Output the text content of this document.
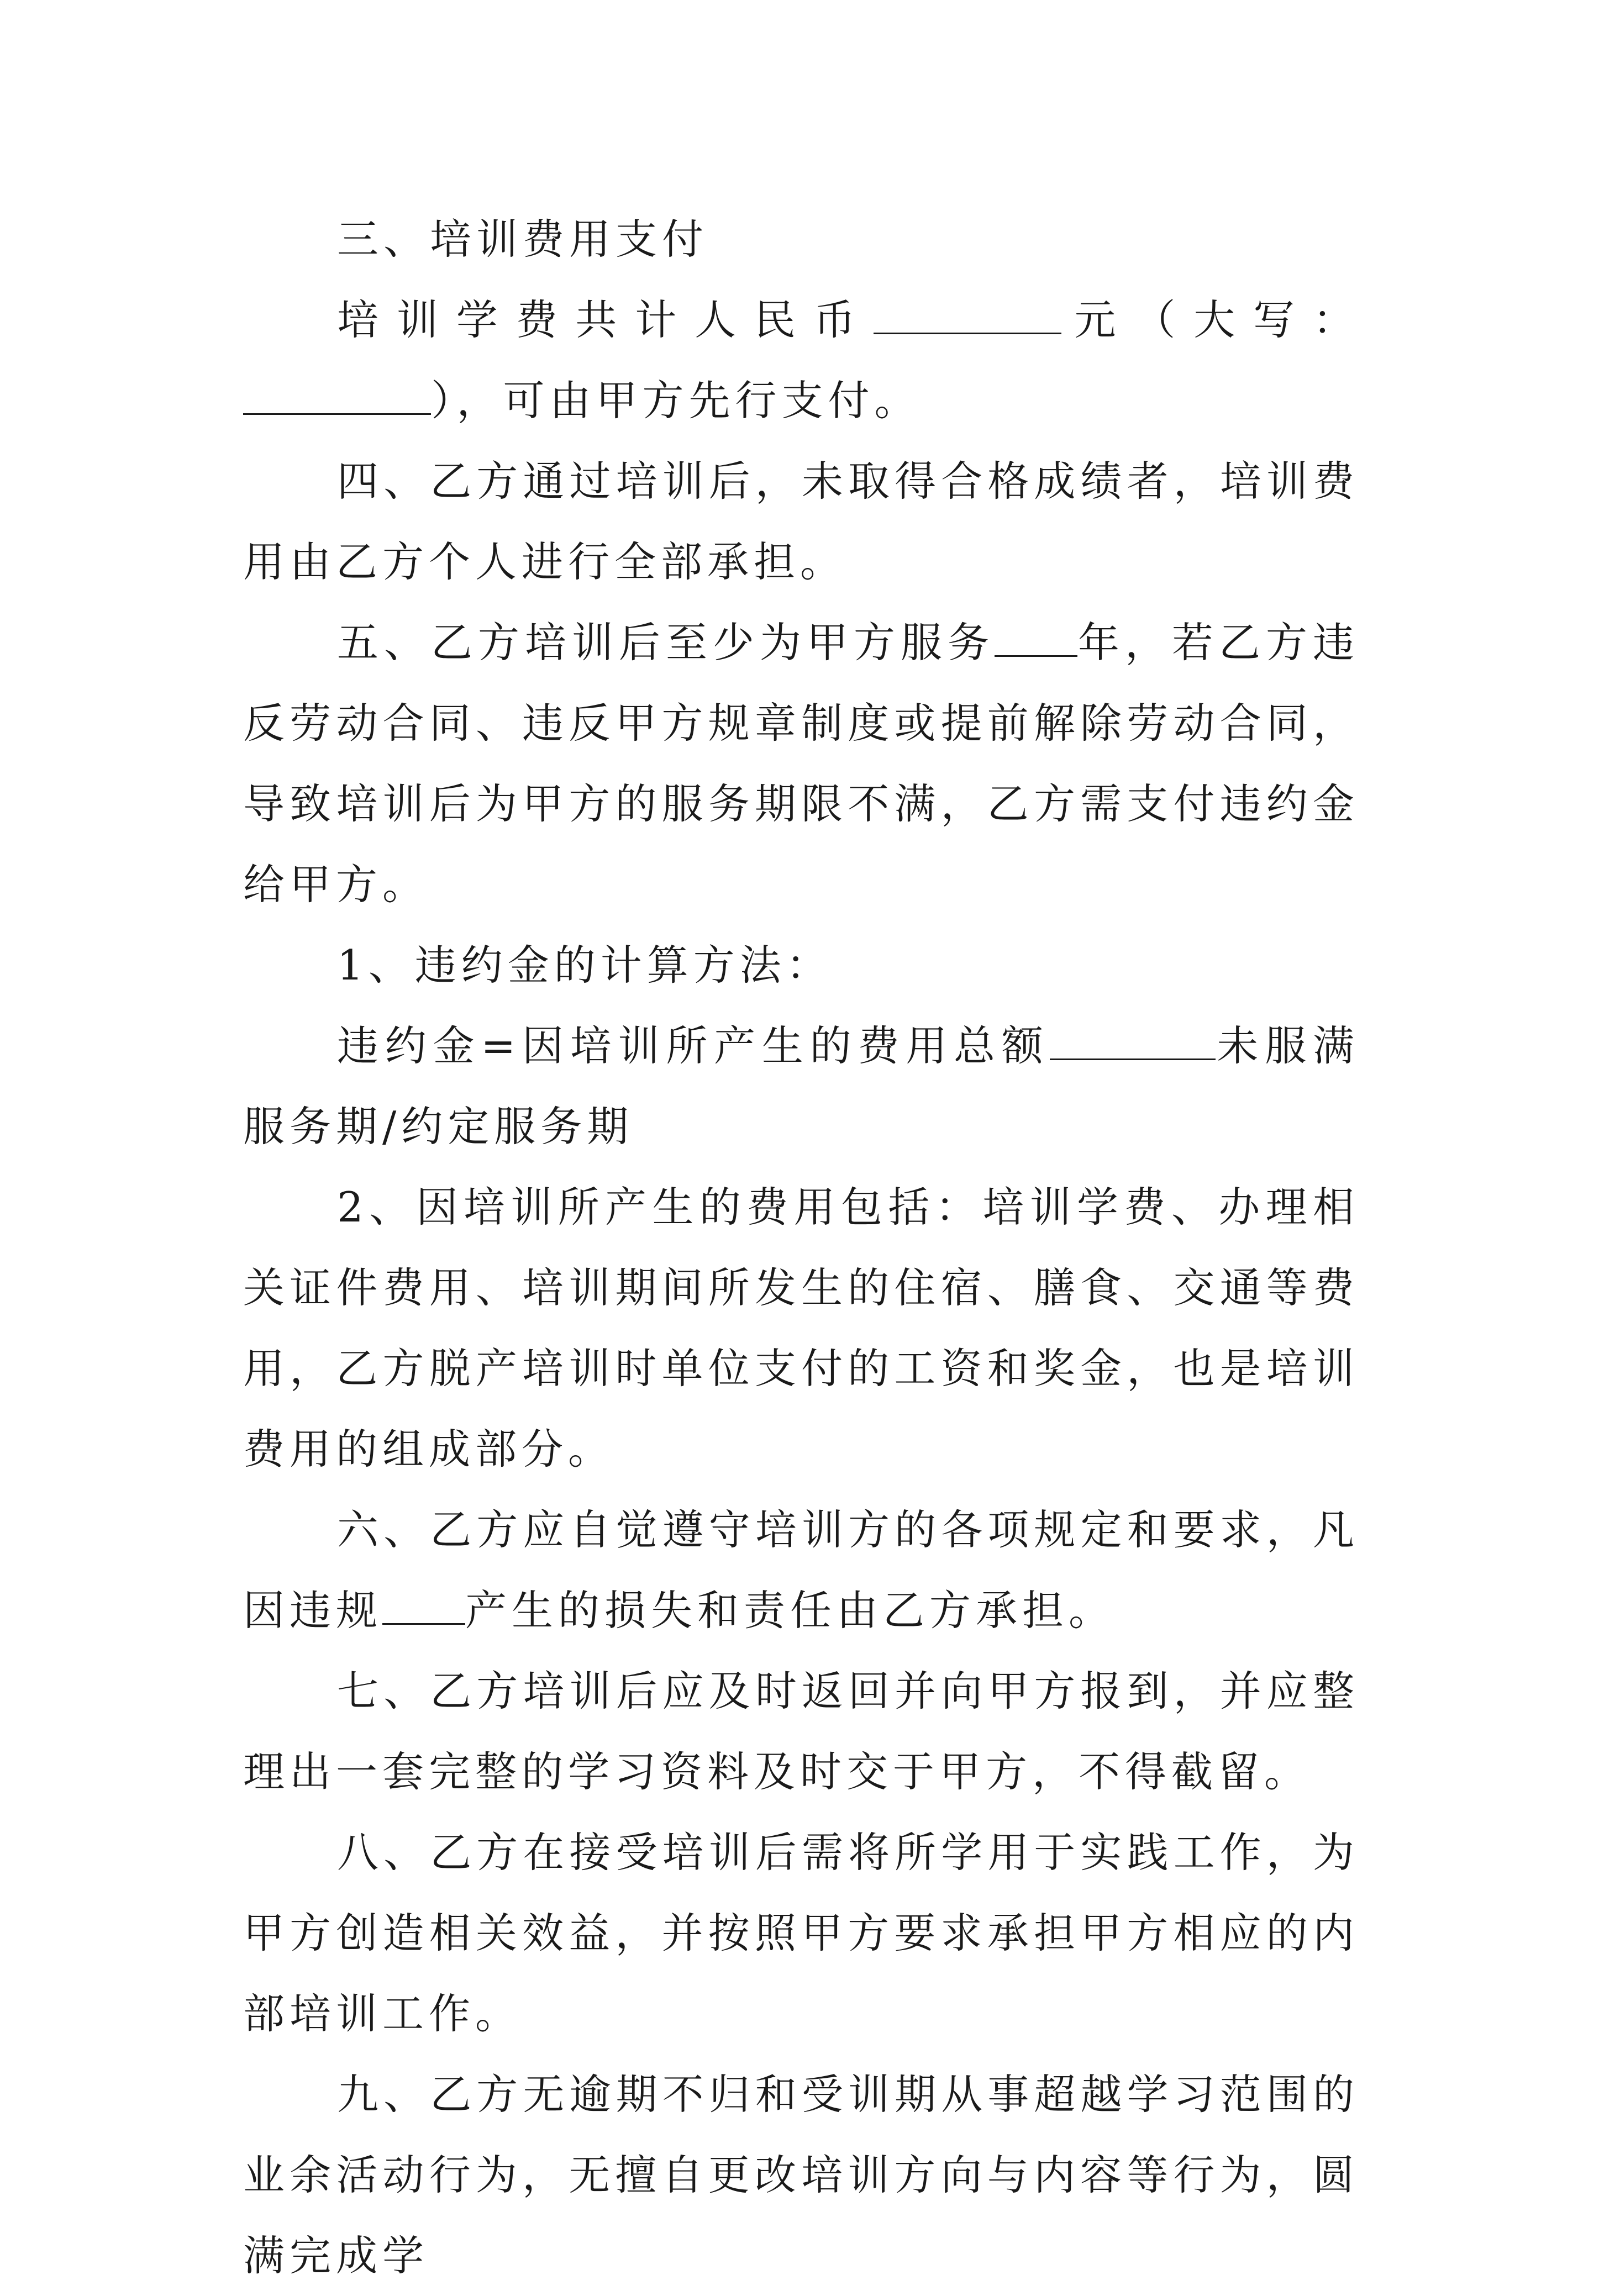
三、培训费用支付

培训学费共计人民币	元（大写：），可由甲方先行支付。

四、乙方通过培训后，未取得合格成绩者，培训费用由乙方个人进行全部承担。

五、乙方培训后至少为甲方服务 年，若乙方违反劳动合同、违反甲方规章制度或提前解除劳动合同，导致培训后为甲方的服务期限不满，乙方需支付违约金给甲方。

1、违约金的计算方法：

违约金=因培训所产生的费用总额	未服满服务期/约定服务期

2、因培训所产生的费用包括：培训学费、办理相关证件费用、培训期间所发生的住宿、膳食、交通等费用，乙方脱产培训时单位支付的工资和奖金，也是培训费用的组成部分。

六、乙方应自觉遵守培训方的各项规定和要求，凡因违规 产生的损失和责任由乙方承担。

七、乙方培训后应及时返回并向甲方报到，并应整理出一套完整的学习资料及时交于甲方，不得截留。

八、乙方在接受培训后需将所学用于实践工作，为甲方创造相关效益，并按照甲方要求承担甲方相应的内部培训工作。

九、乙方无逾期不归和受训期从事超越学习范围的业余活动行为，无擅自更改培训方向与内容等行为，圆满完成学
